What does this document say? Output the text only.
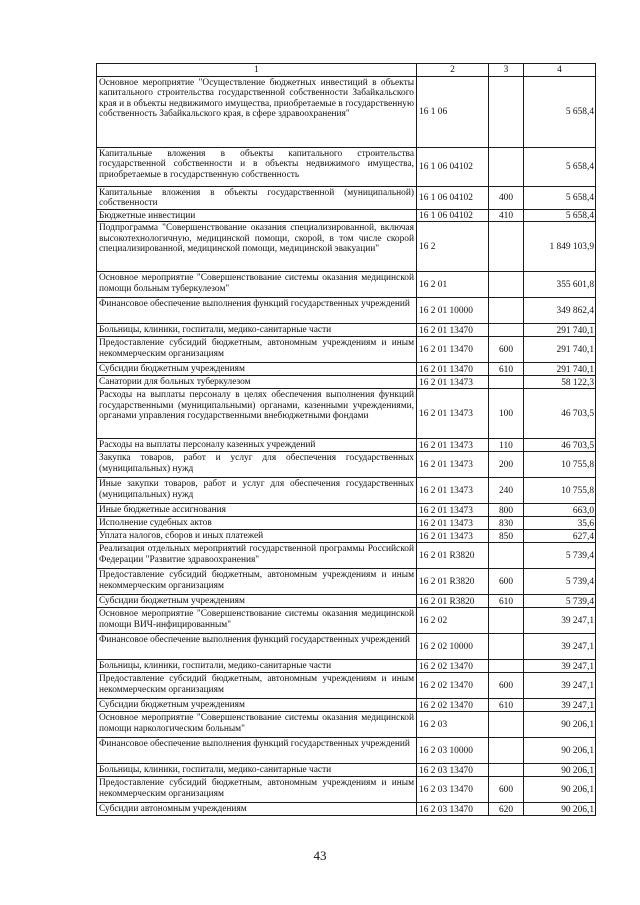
1	2	3	4
Основное мероприятие "Осуществление бюджетных инвестиций в объекты капитального строительства государственной собственности Забайкальского края и в объекты недвижимого имущества, приобретаемые в государственную собственность Забайкальского края, в сфере здравоохранения"	16 1 06		5 658,4
Капитальные вложения в объекты капитального строительства государственной собственности и в объекты недвижимого имущества, приобретаемые в государственную собственность	16 1 06 04102		5 658,4
Капитальные вложения в объекты государственной (муниципальной) собственности	16 1 06 04102	400	5 658,4
Бюджетные инвестиции	16 1 06 04102	410	5 658,4
Подпрограмма "Совершенствование оказания специализированной, включая высокотехнологичную, медицинской помощи, скорой, в том числе скорой специализированной, медицинской помощи, медицинской эвакуации"	16 2		1 849 103,9
Основное мероприятие "Совершенствование системы оказания медицинской помощи больным туберкулезом"	16 2 01		355 601,8
Финансовое обеспечение выполнения функций государственных учреждений	16 2 01 10000		349 862,4
Больницы, клиники, госпитали, медико-санитарные части	16 2 01 13470		291 740,1
Предоставление субсидий бюджетным, автономным учреждениям и иным некоммерческим организациям	16 2 01 13470	600	291 740,1
Субсидии бюджетным учреждениям	16 2 01 13470	610	291 740,1
Санатории для больных туберкулезом	16 2 01 13473		58 122,3
Расходы на выплаты персоналу в целях обеспечения выполнения функций государственными (муниципальными) органами, казенными учреждениями, органами управления государственными внебюджетными фондами	16 2 01 13473	100	46 703,5
Расходы на выплаты персоналу казенных учреждений	16 2 01 13473	110	46 703,5
Закупка товаров, работ и услуг для обеспечения государственных (муниципальных) нужд	16 2 01 13473	200	10 755,8
Иные закупки товаров, работ и услуг для обеспечения государственных (муниципальных) нужд	16 2 01 13473	240	10 755,8
Иные бюджетные ассигнования	16 2 01 13473	800	663,0
Исполнение судебных актов	16 2 01 13473	830	35,6
Уплата налогов, сборов и иных платежей	16 2 01 13473	850	627,4
Реализация отдельных мероприятий государственной программы Российской Федерации "Развитие здравоохранения"	16 2 01 R3820		5 739,4
Предоставление субсидий бюджетным, автономным учреждениям и иным некоммерческим организациям	16 2 01 R3820	600	5 739,4
Субсидии бюджетным учреждениям	16 2 01 R3820	610	5 739,4
Основное мероприятие "Совершенствование системы оказания медицинской помощи ВИЧ-инфицированным"	16 2 02		39 247,1
Финансовое обеспечение выполнения функций государственных учреждений	16 2 02 10000		39 247,1
Больницы, клиники, госпитали, медико-санитарные части	16 2 02 13470		39 247,1
Предоставление субсидий бюджетным, автономным учреждениям и иным некоммерческим организациям	16 2 02 13470	600	39 247,1
Субсидии бюджетным учреждениям	16 2 02 13470	610	39 247,1
Основное мероприятие "Совершенствование системы оказания медицинской помощи наркологическим больным"	16 2 03		90 206,1
Финансовое обеспечение выполнения функций государственных учреждений	16 2 03 10000		90 206,1
Больницы, клиники, госпитали, медико-санитарные части	16 2 03 13470		90 206,1
Предоставление субсидий бюджетным, автономным учреждениям и иным некоммерческим организациям	16 2 03 13470	600	90 206,1
Субсидии автономным учреждениям	16 2 03 13470	620	90 206,1
43
